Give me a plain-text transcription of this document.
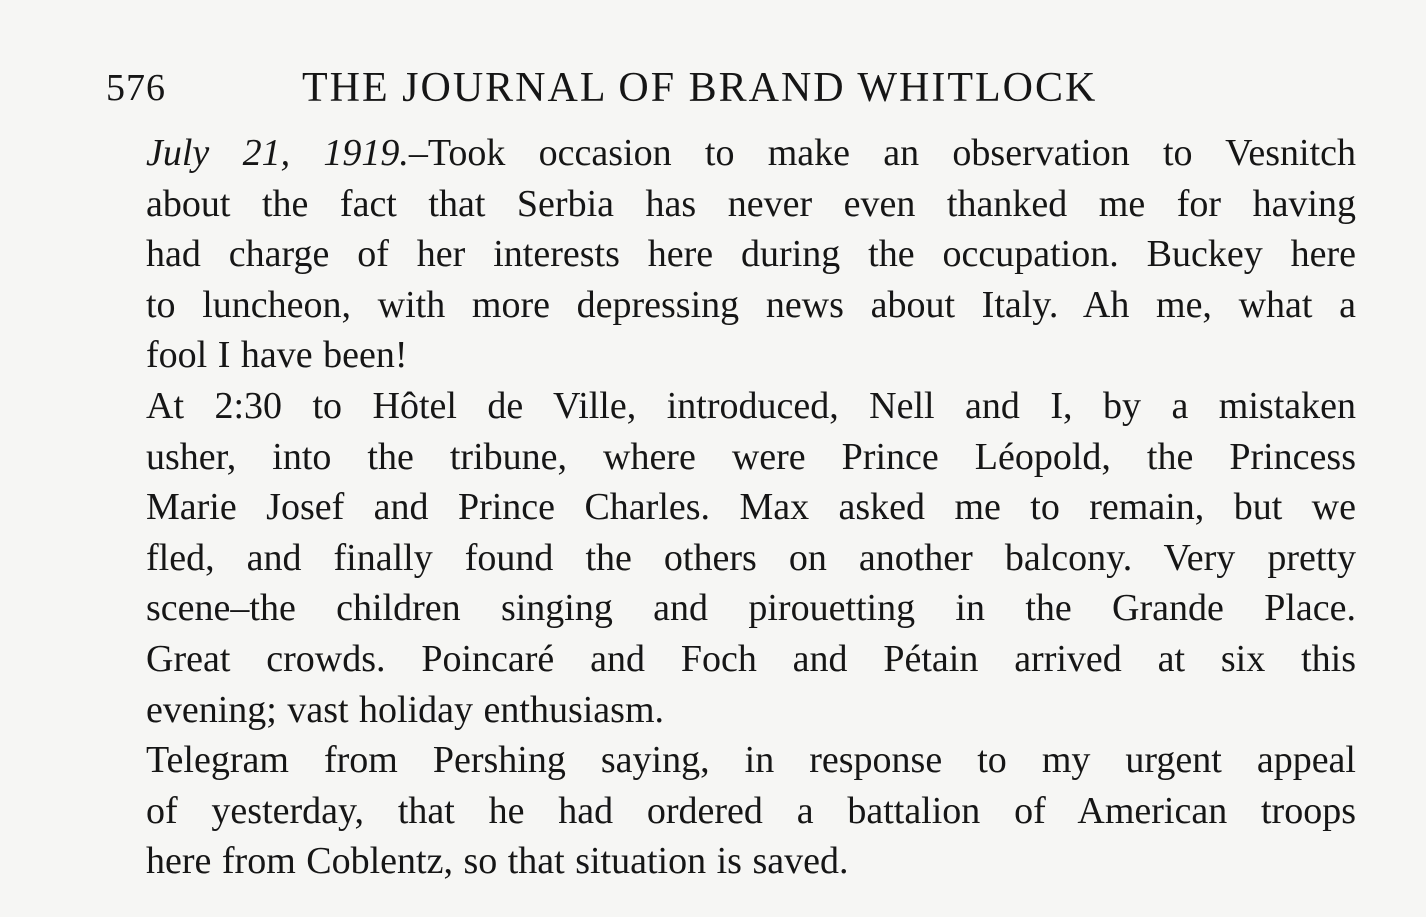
576	THE JOURNAL OF BRAND WHITLOCK

July 21, 1919.–Took occasion to make an observation to Vesnitch
about the fact that Serbia has never even thanked me for having
had charge of her interests here during the occupation. Buckey here
to luncheon, with more depressing news about Italy. Ah me, what a
fool I have been!

At 2:30 to Hôtel de Ville, introduced, Nell and I, by a mistaken
usher, into the tribune, where were Prince Léopold, the Princess
Marie Josef and Prince Charles. Max asked me to remain, but we
fled, and finally found the others on another balcony. Very pretty
scene–the children singing and pirouetting in the Grande Place.
Great crowds. Poincaré and Foch and Pétain arrived at six this
evening; vast holiday enthusiasm.

Telegram from Pershing saying, in response to my urgent appeal
of yesterday, that he had ordered a battalion of American troops
here from Coblentz, so that situation is saved.
